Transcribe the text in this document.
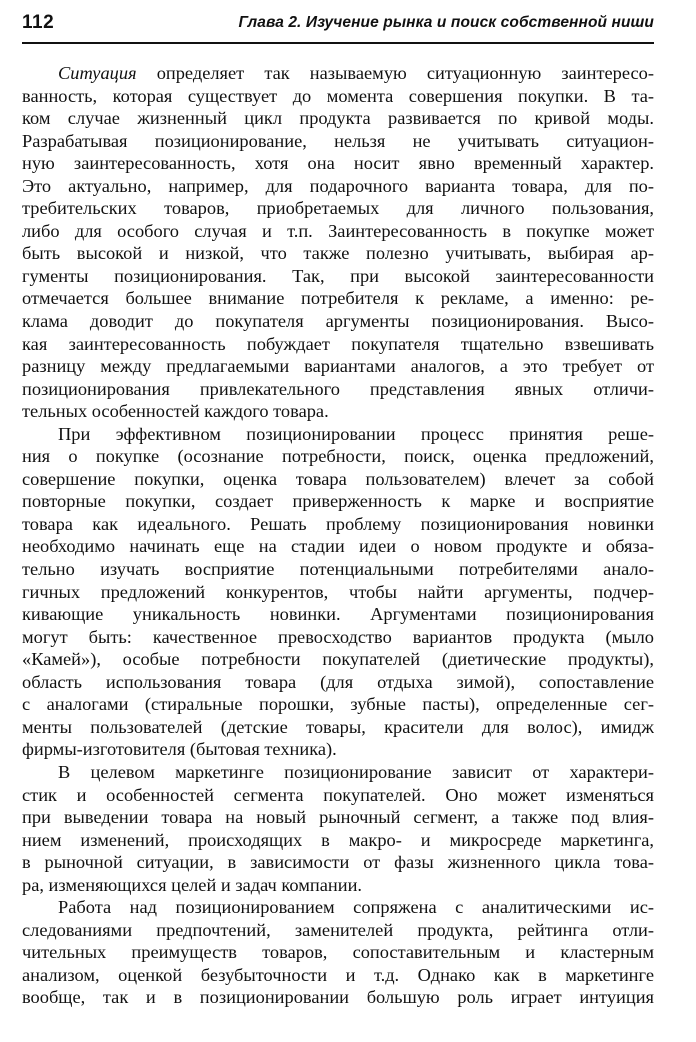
112	Глава 2. Изучение рынка и поиск собственной ниши
Ситуация определяет так называемую ситуационную заинтересо-
ванность, которая существует до момента совершения покупки. В та-
ком случае жизненный цикл продукта развивается по кривой моды.
Разрабатывая позиционирование, нельзя не учитывать ситуацион-
ную заинтересованность, хотя она носит явно временный характер.
Это актуально, например, для подарочного варианта товара, для по-
требительских товаров, приобретаемых для личного пользования,
либо для особого случая и т.п. Заинтересованность в покупке может
быть высокой и низкой, что также полезно учитывать, выбирая ар-
гументы позиционирования. Так, при высокой заинтересованности
отмечается большее внимание потребителя к рекламе, а именно: ре-
клама доводит до покупателя аргументы позиционирования. Высо-
кая заинтересованность побуждает покупателя тщательно взвешивать
разницу между предлагаемыми вариантами аналогов, а это требует от
позиционирования привлекательного представления явных отличи-
тельных особенностей каждого товара.
При эффективном позиционировании процесс принятия реше-
ния о покупке (осознание потребности, поиск, оценка предложений,
совершение покупки, оценка товара пользователем) влечет за собой
повторные покупки, создает приверженность к марке и восприятие
товара как идеального. Решать проблему позиционирования новинки
необходимо начинать еще на стадии идеи о новом продукте и обяза-
тельно изучать восприятие потенциальными потребителями анало-
гичных предложений конкурентов, чтобы найти аргументы, подчер-
кивающие уникальность новинки. Аргументами позиционирования
могут быть: качественное превосходство вариантов продукта (мыло
«Камей»), особые потребности покупателей (диетические продукты),
область использования товара (для отдыха зимой), сопоставление
с аналогами (стиральные порошки, зубные пасты), определенные сег-
менты пользователей (детские товары, красители для волос), имидж
фирмы-изготовителя (бытовая техника).
В целевом маркетинге позиционирование зависит от характери-
стик и особенностей сегмента покупателей. Оно может изменяться
при выведении товара на новый рыночный сегмент, а также под влия-
нием изменений, происходящих в макро- и микросреде маркетинга,
в рыночной ситуации, в зависимости от фазы жизненного цикла това-
ра, изменяющихся целей и задач компании.
Работа над позиционированием сопряжена с аналитическими ис-
следованиями предпочтений, заменителей продукта, рейтинга отли-
чительных преимуществ товаров, сопоставительным и кластерным
анализом, оценкой безубыточности и т.д. Однако как в маркетинге
вообще, так и в позиционировании большую роль играет интуиция
